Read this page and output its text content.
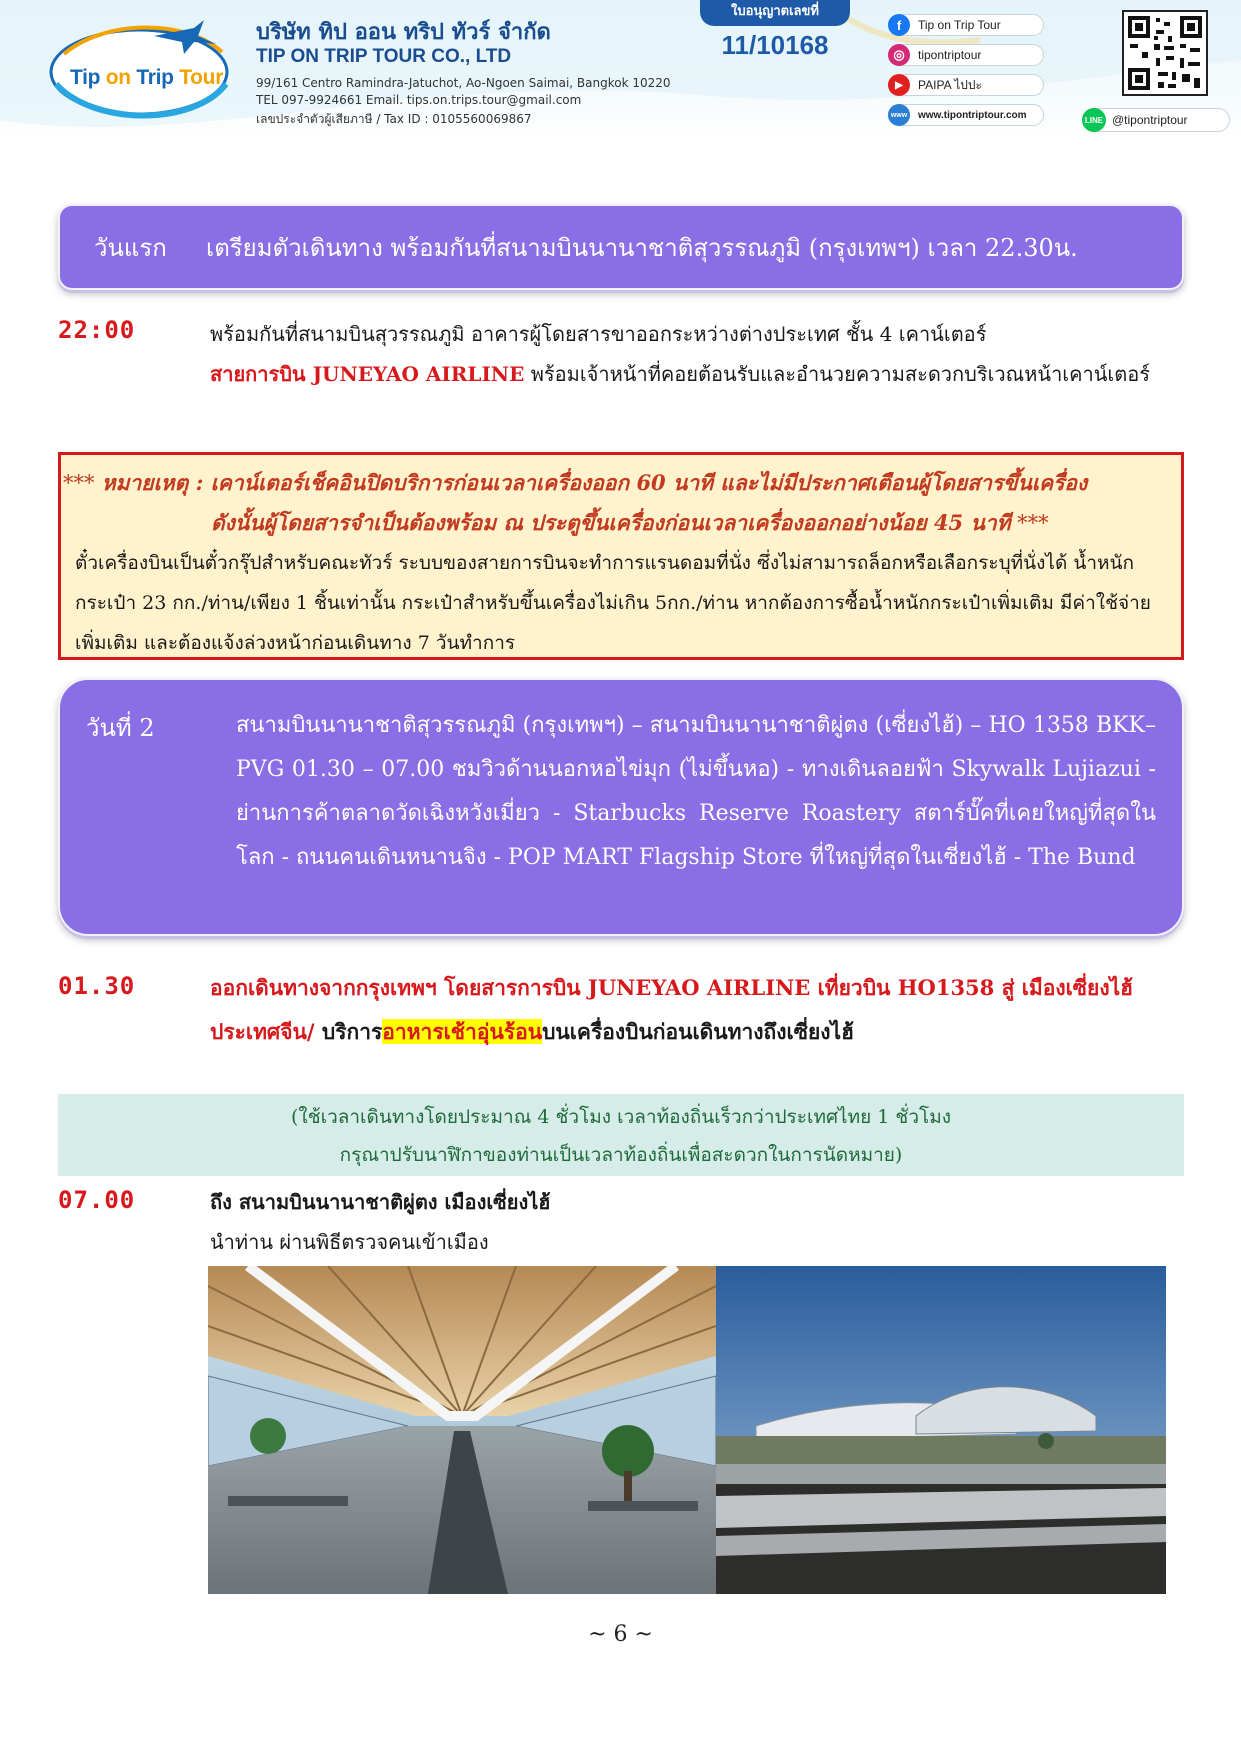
Tip on Trip Tour
บริษัท ทิป ออน ทริป ทัวร์ จำกัด
TIP ON TRIP TOUR CO., LTD
99/161 Centro Ramindra-Jatuchot, Ao-Ngoen Saimai, Bangkok 10220
TEL 097-9924661 Email. tips.on.trips.tour@gmail.com
เลขประจำตัวผู้เสียภาษี / Tax ID : 0105560069867
ใบอนุญาตเลขที่
11/10168
f	Tip on Trip Tour
◎	tipontriptour
▶	PAIPA ไปปะ
www www.tipontriptour.com	LINE @tipontriptour
วันแรก เตรียมตัวเดินทาง พร้อมกันที่สนามบินนานาชาติสุวรรณภูมิ (กรุงเทพฯ) เวลา 22.30น.
22:00	พร้อมกันที่สนามบินสุวรรณภูมิ อาคารผู้โดยสารขาออกระหว่างต่างประเทศ ชั้น 4 เคาน์เตอร์
สายการบิน JUNEYAO AIRLINE พร้อมเจ้าหน้าที่คอยต้อนรับและอำนวยความสะดวกบริเวณหน้าเคาน์เตอร์
*** หมายเหตุ : เคาน์เตอร์เช็คอินปิดบริการก่อนเวลาเครื่องออก 60 นาที และไม่มีประกาศเตือนผู้โดยสารขึ้นเครื่อง
ดังนั้นผู้โดยสารจำเป็นต้องพร้อม ณ ประตูขึ้นเครื่องก่อนเวลาเครื่องออกอย่างน้อย 45 นาที ***
ตั๋วเครื่องบินเป็นตั๋วกรุ๊ปสำหรับคณะทัวร์ ระบบของสายการบินจะทำการแรนดอมที่นั่ง ซึ่งไม่สามารถล็อกหรือเลือกระบุที่นั่งได้ น้ำหนักกระเป๋า 23 กก./ท่าน/เพียง 1 ชิ้นเท่านั้น กระเป๋าสำหรับขึ้นเครื่องไม่เกิน 5กก./ท่าน หากต้องการซื้อน้ำหนักกระเป๋าเพิ่มเติม มีค่าใช้จ่ายเพิ่มเติม และต้องแจ้งล่วงหน้าก่อนเดินทาง 7 วันทำการ
วันที่ 2	สนามบินนานาชาติสุวรรณภูมิ (กรุงเทพฯ) – สนามบินนานาชาติผู่ตง (เซี่ยงไฮ้) – HO 1358 BKK– PVG 01.30 – 07.00 ชมวิวด้านนอกหอไข่มุก (ไม่ขึ้นหอ) - ทางเดินลอยฟ้า Skywalk Lujiazui - ย่านการค้าตลาดวัดเฉิงหวังเมี่ยว - Starbucks Reserve Roastery สตาร์บั๊คที่เคยใหญ่ที่สุดในโลก - ถนนคนเดินหนานจิง - POP MART Flagship Store ที่ใหญ่ที่สุดในเซี่ยงไฮ้ - The Bund
01.30	ออกเดินทางจากกรุงเทพฯ โดยสารการบิน JUNEYAO AIRLINE เที่ยวบิน HO1358 สู่ เมืองเซี่ยงไฮ้ ประเทศจีน/ บริการอาหารเช้าอุ่นร้อนบนเครื่องบินก่อนเดินทางถึงเซี่ยงไฮ้
(ใช้เวลาเดินทางโดยประมาณ 4 ชั่วโมง เวลาท้องถิ่นเร็วกว่าประเทศไทย 1 ชั่วโมง
กรุณาปรับนาฬิกาของท่านเป็นเวลาท้องถิ่นเพื่อสะดวกในการนัดหมาย)
07.00	ถึง สนามบินนานาชาติผู่ตง เมืองเซี่ยงไฮ้
นำท่าน ผ่านพิธีตรวจคนเข้าเมือง
~ 6 ~
